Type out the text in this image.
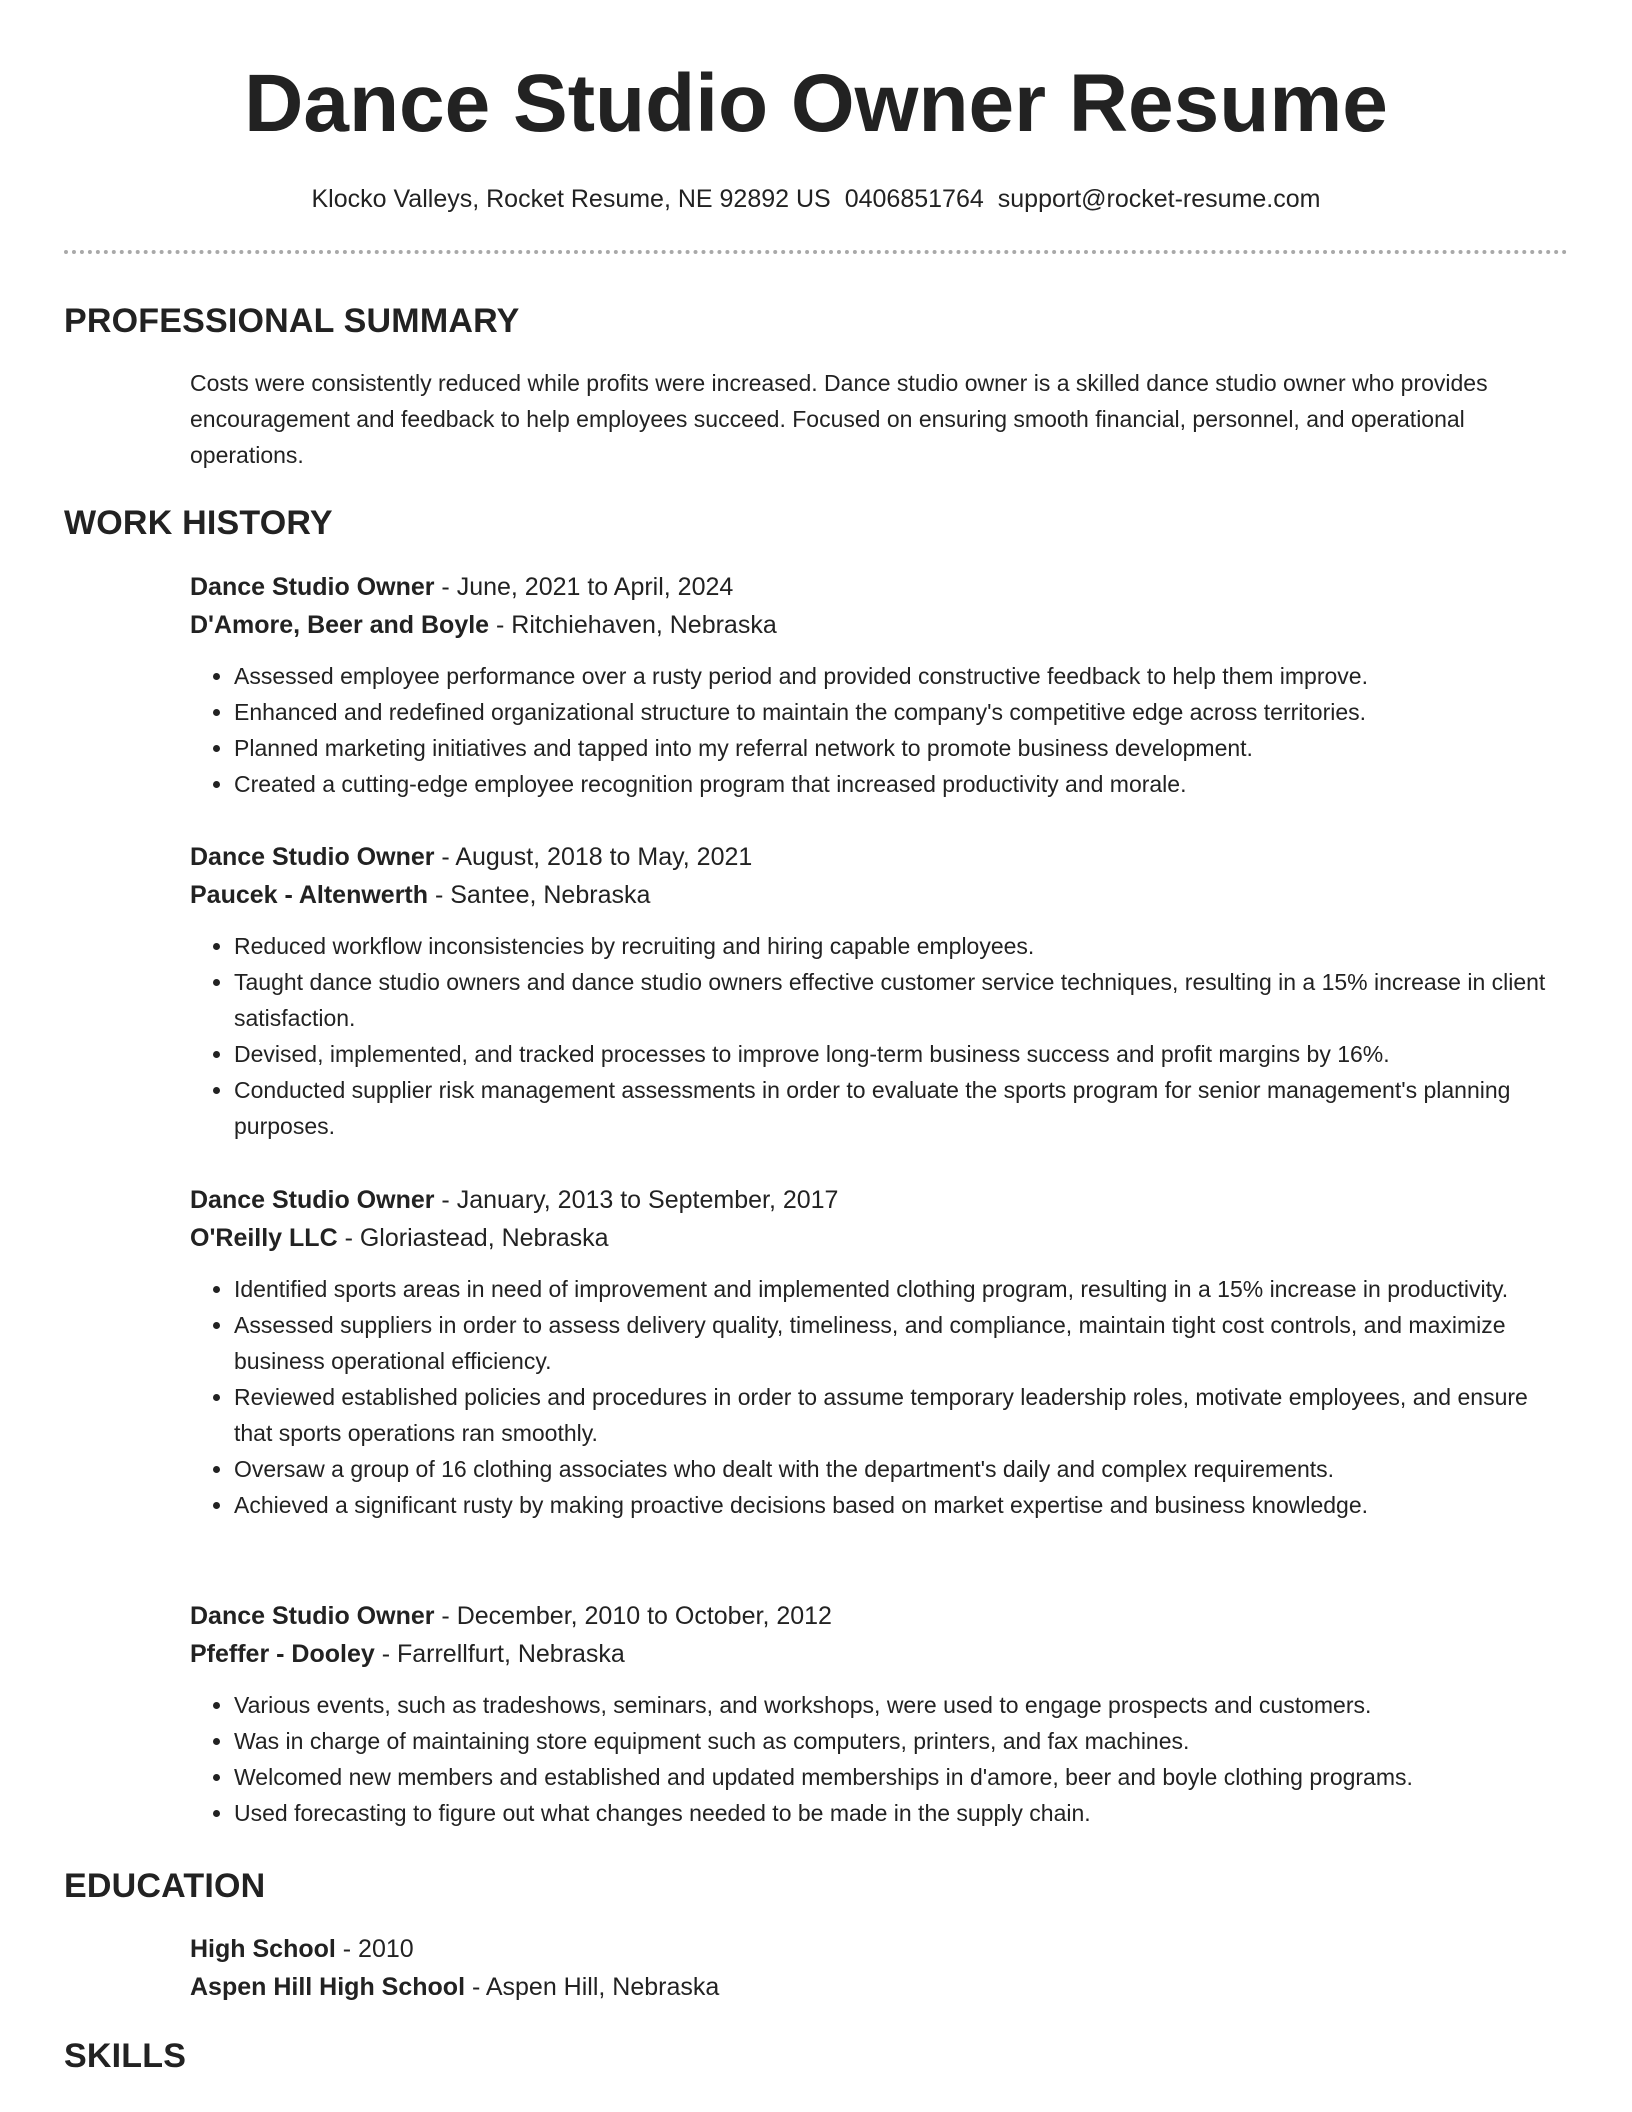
Dance Studio Owner Resume
Klocko Valleys, Rocket Resume, NE 92892 US 0406851764 support@rocket-resume.com
PROFESSIONAL SUMMARY

Costs were consistently reduced while profits were increased. Dance studio owner is a skilled dance studio owner who provides encouragement and feedback to help employees succeed. Focused on ensuring smooth financial, personnel, and operational operations.

WORK HISTORY

Dance Studio Owner - June, 2021 to April, 2024

D'Amore, Beer and Boyle - Ritchiehaven, Nebraska

• Assessed employee performance over a rusty period and provided constructive feedback to help them improve.
• Enhanced and redefined organizational structure to maintain the company's competitive edge across territories.
• Planned marketing initiatives and tapped into my referral network to promote business development.
• Created a cutting-edge employee recognition program that increased productivity and morale.

Dance Studio Owner - August, 2018 to May, 2021

Paucek - Altenwerth - Santee, Nebraska

• Reduced workflow inconsistencies by recruiting and hiring capable employees.
• Taught dance studio owners and dance studio owners effective customer service techniques, resulting in a 15% increase in client satisfaction.
• Devised, implemented, and tracked processes to improve long-term business success and profit margins by 16%.
• Conducted supplier risk management assessments in order to evaluate the sports program for senior management's planning purposes.

Dance Studio Owner - January, 2013 to September, 2017

O'Reilly LLC - Gloriastead, Nebraska

• Identified sports areas in need of improvement and implemented clothing program, resulting in a 15% increase in productivity.
• Assessed suppliers in order to assess delivery quality, timeliness, and compliance, maintain tight cost controls, and maximize business operational efficiency.
• Reviewed established policies and procedures in order to assume temporary leadership roles, motivate employees, and ensure that sports operations ran smoothly.
• Oversaw a group of 16 clothing associates who dealt with the department's daily and complex requirements.
• Achieved a significant rusty by making proactive decisions based on market expertise and business knowledge.

Dance Studio Owner - December, 2010 to October, 2012

Pfeffer - Dooley - Farrellfurt, Nebraska

• Various events, such as tradeshows, seminars, and workshops, were used to engage prospects and customers.
• Was in charge of maintaining store equipment such as computers, printers, and fax machines.
• Welcomed new members and established and updated memberships in d'amore, beer and boyle clothing programs.
• Used forecasting to figure out what changes needed to be made in the supply chain.
EDUCATION

High School - 2010

Aspen Hill High School - Aspen Hill, Nebraska

SKILLS
